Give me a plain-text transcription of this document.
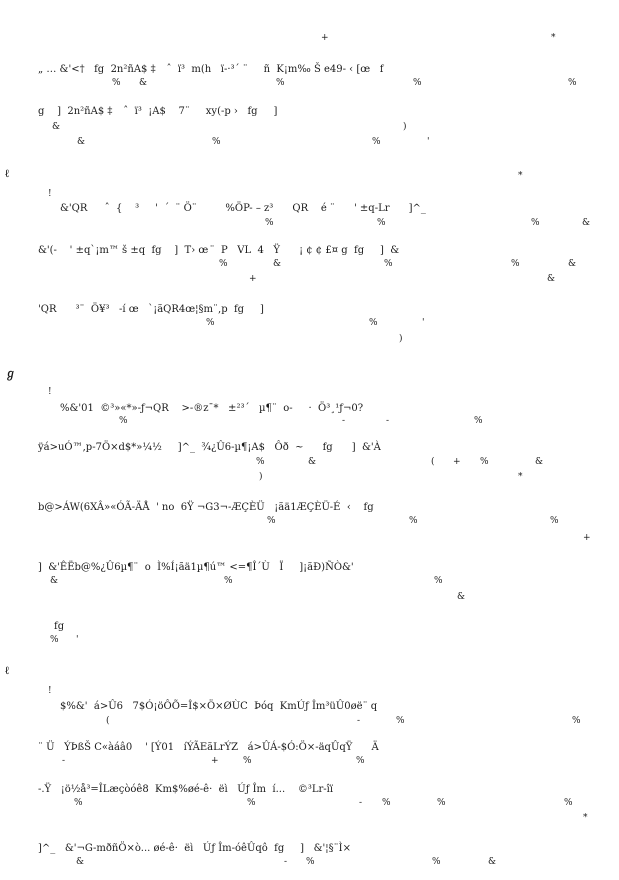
+	*
„ … &'<†   fg  2n²ñA$ ‡     ̂  ï³  m(h   ï-·³´ ¨     ñ  K¡m‰ Š e49- ‹ [œ   f
% &	%	%	%
g    ]  2n²ñA$ ‡     ̂  ï³  ¡A$    7¨     xy(-p ›   fg     ]
&	)
&	%	%	'
ℓ	*
!
&'QR       ̂  {    ³     '  ´  ¨ Ö¨         %ÖP- – z³      QR    é ¨      ' ±q-Lr      ]^_
%	%	%	&
&'(-    ' ±q`¡m™ š ±q  fg    ]  T› œ  ̈  P   VL  4   Ÿ      ¡ ¢ ¢ £¤ g  fg     ]  &
%	&	%	%	&
+	&
'QR      ³¨  Ö¥³   -í œ   `¡ãQR4œ¦§m¨,p  fg     ]
%	%	'
)
ℊ
!
%&'01  ©³»«*»-ƒ¬QR    >-®z¯*   ±²³´   µ¶¨  o-     ·  Ö³¸¹ƒ¬0?
%	-	-	%
ÿá>uÓ™,p-7Ö×d$*»¼½     ]^_  ¾¿Û6-µ¶¡A$   Ôð  ~      fg      ]  &'À
%	&	( + %	&
)	*
b@>ÁW(6XÂ»«ÓÃ-ÄÅ  ' no  6Ÿ ¬G3¬-ÆÇÈÜ   ¡ãä1ÆÇÈÜ-É  ‹    fg
%	%	%
+
]  &'ÊËb@%¿Û6µ¶¨  o  Ì%Í¡ãä1µ¶ú™ <=¶Î´Ù   Ï     ]¡ãÐ)ÑÒ&'
&	%	%
&
fg
% '
ℓ
!
$%&'  á>Û6   7$Ó¡öÔÕ=Î$×Ö×ØÙC  Þóq  KmÚƒ Îm³üÛ0øë¨ q
(	-	%	%
¨ Ü   ÝÞßŠ C«àáâ0    ' [Ý01   íÝÃEãLrÝZ   á>ÛÁ-$Ó:Ö×-äqÛqŸ      Ä
-	+	%	%
-.Ÿ   ¡ö½å³=ÎLæçòóê8  Km$%øé-ê·  ëì   Úƒ Îm  í...    ©³Lr-îï
%	%	- %	%	%
*
]^_   &'¬G-mðñÖ×ò... øé-ê·  ëì   Úƒ Îm-óêÛqô  fg     ]   &'¦§¨Ì×
&	- %	%	&
